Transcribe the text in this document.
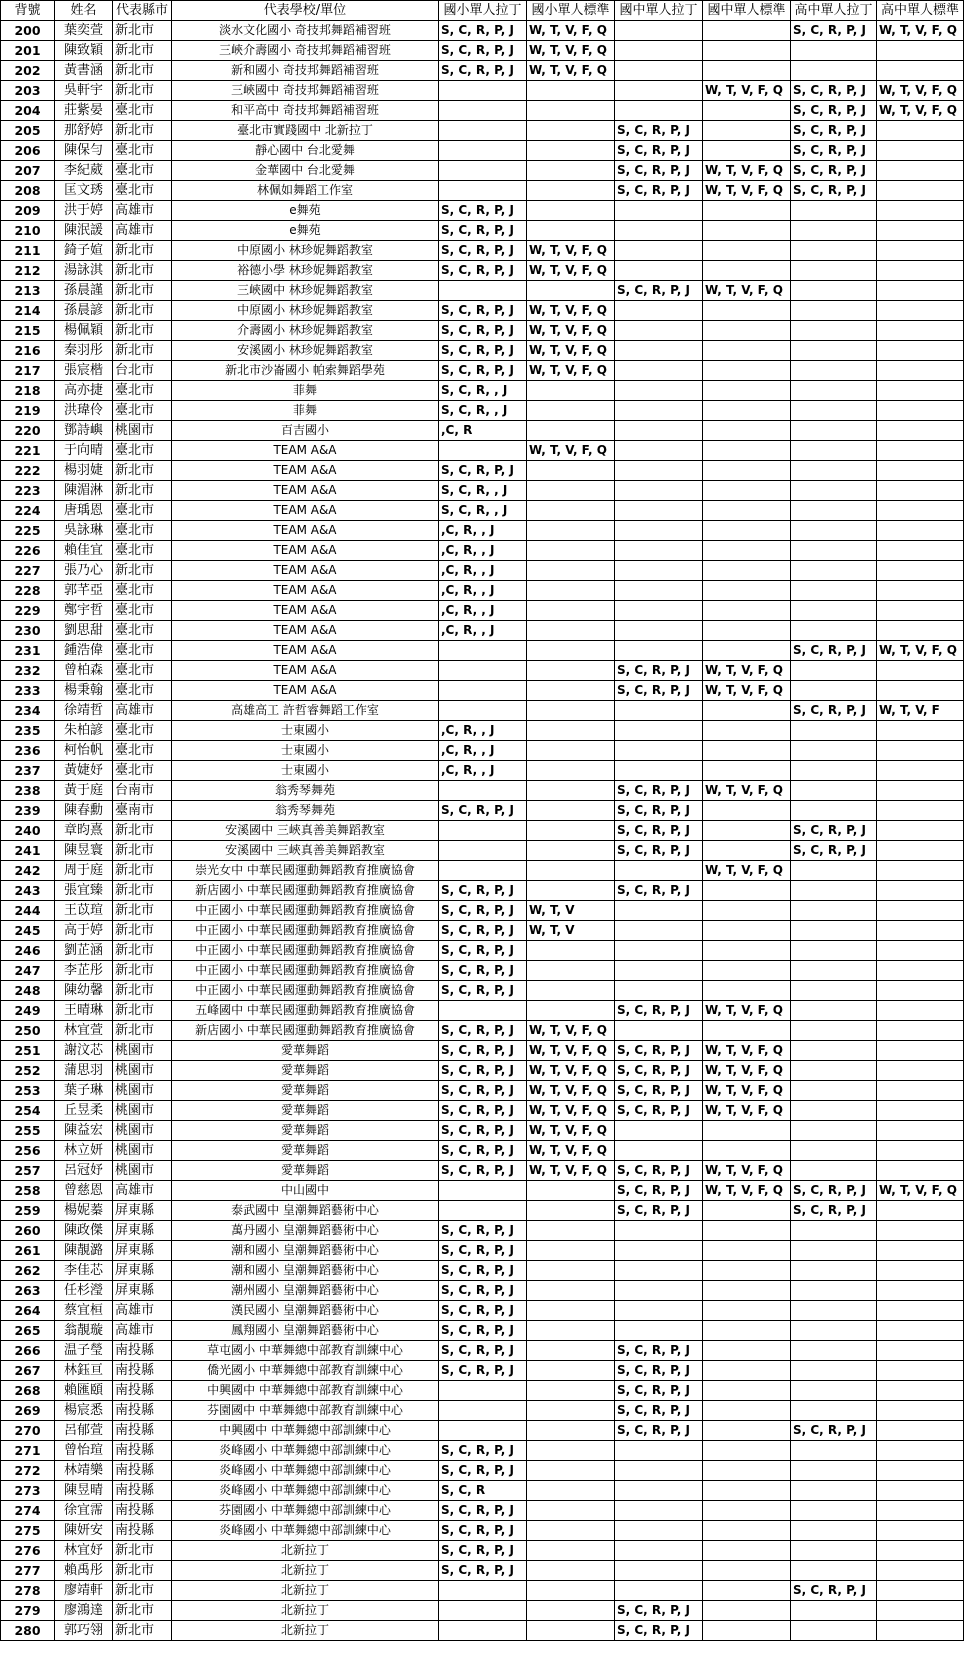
背號	姓名	代表縣市	代表學校/單位	國小單人拉丁	國小單人標準	國中單人拉丁	國中單人標準	高中單人拉丁	高中單人標準
200	葉奕萱	新北市	淡水文化國小 奇技邦舞蹈補習班	S, C, R, P, J	W, T, V, F, Q			S, C, R, P, J	W, T, V, F, Q
201	陳致穎	新北市	三峽介壽國小 奇技邦舞蹈補習班	S, C, R, P, J	W, T, V, F, Q				
202	黃書涵	新北市	新和國小 奇技邦舞蹈補習班	S, C, R, P, J	W, T, V, F, Q				
203	吳軒宇	新北市	三峽國中 奇技邦舞蹈補習班				W, T, V, F, Q	S, C, R, P, J	W, T, V, F, Q
204	莊紫晏	臺北市	和平高中 奇技邦舞蹈補習班					S, C, R, P, J	W, T, V, F, Q
205	那舒婷	新北市	臺北市實踐國中 北新拉丁			S, C, R, P, J		S, C, R, P, J	
206	陳保勻	臺北市	靜心國中 台北愛舞			S, C, R, P, J		S, C, R, P, J	
207	李紀葳	臺北市	金華國中 台北愛舞			S, C, R, P, J	W, T, V, F, Q	S, C, R, P, J	
208	匡文琇	臺北市	林佩如舞蹈工作室			S, C, R, P, J	W, T, V, F, Q	S, C, R, P, J	
209	洪于婷	高雄市	e舞苑	S, C, R, P, J					
210	陳泯諼	高雄市	e舞苑	S, C, R, P, J					
211	錡子媗	新北市	中原國小 林珍妮舞蹈教室	S, C, R, P, J	W, T, V, F, Q				
212	湯詠淇	新北市	裕德小學 林珍妮舞蹈教室	S, C, R, P, J	W, T, V, F, Q				
213	孫晨謹	新北市	三峽國中 林珍妮舞蹈教室			S, C, R, P, J	W, T, V, F, Q		
214	孫晨諺	新北市	中原國小 林珍妮舞蹈教室	S, C, R, P, J	W, T, V, F, Q				
215	楊佩穎	新北市	介壽國小 林珍妮舞蹈教室	S, C, R, P, J	W, T, V, F, Q				
216	秦羽彤	新北市	安溪國小 林珍妮舞蹈教室	S, C, R, P, J	W, T, V, F, Q				
217	張宸楷	台北市	新北市沙崙國小 帕索舞蹈學苑	S, C, R, P, J	W, T, V, F, Q				
218	高亦捷	臺北市	菲舞	S, C, R, , J					
219	洪瑋伶	臺北市	菲舞	S, C, R, , J					
220	鄧詩嶼	桃園市	百吉國小	,C, R					
221	于向晴	臺北市	TEAM A&A		W, T, V, F, Q				
222	楊羽婕	新北市	TEAM A&A	S, C, R, P, J					
223	陳湄淋	新北市	TEAM A&A	S, C, R, , J					
224	唐瑀恩	臺北市	TEAM A&A	S, C, R, , J					
225	吳詠琳	臺北市	TEAM A&A	,C, R, , J					
226	賴佳宜	臺北市	TEAM A&A	,C, R, , J					
227	張乃心	新北市	TEAM A&A	,C, R, , J					
228	郭芊亞	臺北市	TEAM A&A	,C, R, , J					
229	鄭宇哲	臺北市	TEAM A&A	,C, R, , J					
230	劉思甜	臺北市	TEAM A&A	,C, R, , J					
231	鍾浩偉	臺北市	TEAM A&A					S, C, R, P, J	W, T, V, F, Q
232	曾柏森	臺北市	TEAM A&A			S, C, R, P, J	W, T, V, F, Q		
233	楊秉翰	臺北市	TEAM A&A			S, C, R, P, J	W, T, V, F, Q		
234	徐靖哲	高雄市	高雄高工 許哲睿舞蹈工作室					S, C, R, P, J	W, T, V, F
235	朱柏諺	臺北市	士東國小	,C, R, , J					
236	柯怡帆	臺北市	士東國小	,C, R, , J					
237	黃婕妤	臺北市	士東國小	,C, R, , J					
238	黃于庭	台南市	翁秀琴舞苑			S, C, R, P, J	W, T, V, F, Q		
239	陳春勳	臺南市	翁秀琴舞苑	S, C, R, P, J		S, C, R, P, J			
240	章昀熹	新北市	安溪國中 三峽真善美舞蹈教室			S, C, R, P, J		S, C, R, P, J	
241	陳昱寰	新北市	安溪國中 三峽真善美舞蹈教室			S, C, R, P, J		S, C, R, P, J	
242	周于庭	新北市	崇光女中 中華民國運動舞蹈教育推廣協會				W, T, V, F, Q		
243	張宜臻	新北市	新店國小 中華民國運動舞蹈教育推廣協會	S, C, R, P, J		S, C, R, P, J			
244	王苡瑄	新北市	中正國小 中華民國運動舞蹈教育推廣協會	S, C, R, P, J	W, T, V				
245	高于婷	新北市	中正國小 中華民國運動舞蹈教育推廣協會	S, C, R, P, J	W, T, V				
246	劉芷涵	新北市	中正國小 中華民國運動舞蹈教育推廣協會	S, C, R, P, J					
247	李芷彤	新北市	中正國小 中華民國運動舞蹈教育推廣協會	S, C, R, P, J					
248	陳幼馨	新北市	中正國小 中華民國運動舞蹈教育推廣協會	S, C, R, P, J					
249	王晴琳	新北市	五峰國中 中華民國運動舞蹈教育推廣協會			S, C, R, P, J	W, T, V, F, Q		
250	林宜萱	新北市	新店國小 中華民國運動舞蹈教育推廣協會	S, C, R, P, J	W, T, V, F, Q				
251	謝汶芯	桃園市	愛華舞蹈	S, C, R, P, J	W, T, V, F, Q	S, C, R, P, J	W, T, V, F, Q		
252	蒲思羽	桃園市	愛華舞蹈	S, C, R, P, J	W, T, V, F, Q	S, C, R, P, J	W, T, V, F, Q		
253	葉子琳	桃園市	愛華舞蹈	S, C, R, P, J	W, T, V, F, Q	S, C, R, P, J	W, T, V, F, Q		
254	丘昱柔	桃園市	愛華舞蹈	S, C, R, P, J	W, T, V, F, Q	S, C, R, P, J	W, T, V, F, Q		
255	陳益宏	桃園市	愛華舞蹈	S, C, R, P, J	W, T, V, F, Q				
256	林立妍	桃園市	愛華舞蹈	S, C, R, P, J	W, T, V, F, Q				
257	呂冠妤	桃園市	愛華舞蹈	S, C, R, P, J	W, T, V, F, Q	S, C, R, P, J	W, T, V, F, Q		
258	曾慈恩	高雄市	中山國中			S, C, R, P, J	W, T, V, F, Q	S, C, R, P, J	W, T, V, F, Q
259	楊妮蓁	屏東縣	泰武國中 皇潮舞蹈藝術中心			S, C, R, P, J		S, C, R, P, J	
260	陳政傑	屏東縣	萬丹國小 皇潮舞蹈藝術中心	S, C, R, P, J					
261	陳靚潞	屏東縣	潮和國小 皇潮舞蹈藝術中心	S, C, R, P, J					
262	李佳芯	屏東縣	潮和國小 皇潮舞蹈藝術中心	S, C, R, P, J					
263	任杉瀅	屏東縣	潮州國小 皇潮舞蹈藝術中心	S, C, R, P, J					
264	蔡宜桓	高雄市	漢民國小 皇潮舞蹈藝術中心	S, C, R, P, J					
265	翁靚璇	高雄市	鳳翔國小 皇潮舞蹈藝術中心	S, C, R, P, J					
266	温子瑩	南投縣	草屯國小 中華舞總中部教育訓練中心	S, C, R, P, J		S, C, R, P, J			
267	林鈺亘	南投縣	僑光國小 中華舞總中部教育訓練中心	S, C, R, P, J		S, C, R, P, J			
268	賴匯頤	南投縣	中興國中 中華舞總中部教育訓練中心			S, C, R, P, J			
269	楊宸悉	南投縣	芬園國中 中華舞總中部教育訓練中心			S, C, R, P, J			
270	呂郁萱	南投縣	中興國中 中華舞總中部訓練中心			S, C, R, P, J		S, C, R, P, J	
271	曾怡瑄	南投縣	炎峰國小 中華舞總中部訓練中心	S, C, R, P, J					
272	林靖樂	南投縣	炎峰國小 中華舞總中部訓練中心	S, C, R, P, J					
273	陳昱晴	南投縣	炎峰國小 中華舞總中部訓練中心	S, C, R					
274	徐宜霈	南投縣	芬園國小 中華舞總中部訓練中心	S, C, R, P, J					
275	陳妍安	南投縣	炎峰國小 中華舞總中部訓練中心	S, C, R, P, J					
276	林宜妤	新北市	北新拉丁	S, C, R, P, J					
277	賴禹彤	新北市	北新拉丁	S, C, R, P, J					
278	廖靖軒	新北市	北新拉丁					S, C, R, P, J	
279	廖鴻達	新北市	北新拉丁			S, C, R, P, J			
280	郭巧翎	新北市	北新拉丁			S, C, R, P, J			
